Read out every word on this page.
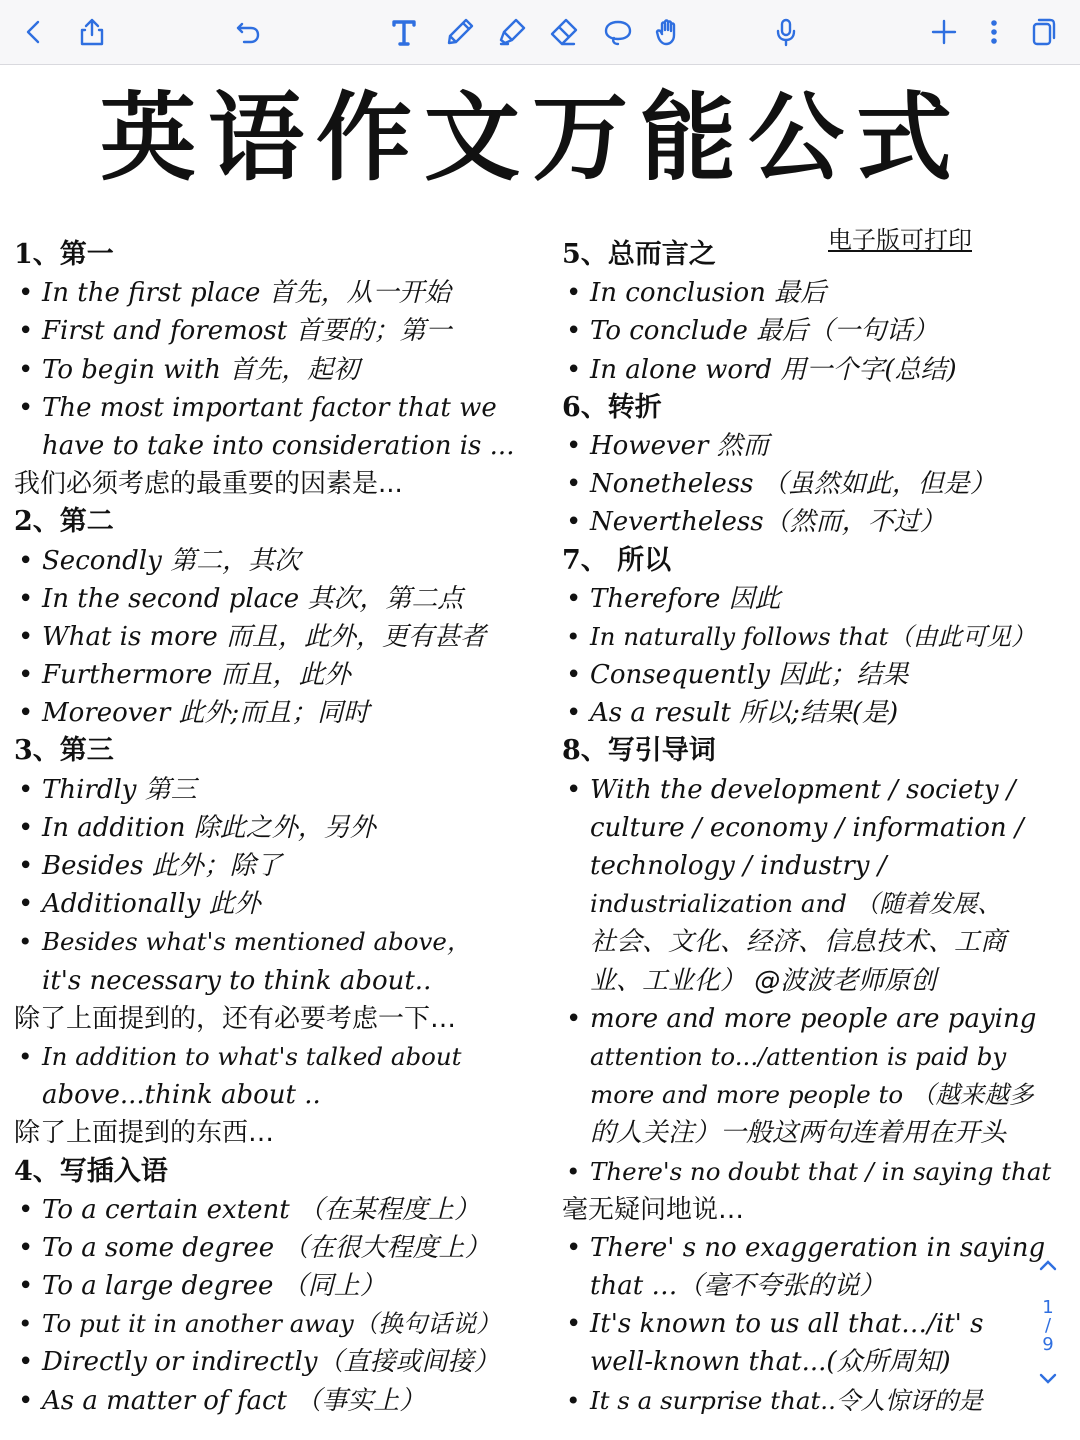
英语作文万能公式
电子版可打印
1、第一
• In the first place 首先，从一开始
• First and foremost 首要的；第一
• To begin with 首先，起初
• The most important factor that we
have to take into consideration is ...
我们必须考虑的最重要的因素是...
2、第二
• Secondly 第二，其次
• In the second place 其次，第二点
• What is more 而且，此外，更有甚者
• Furthermore 而且，此外
• Moreover 此外;而且；同时
3、第三
• Thirdly 第三
• In addition 除此之外，另外
• Besides 此外；除了
• Additionally 此外
• Besides what's mentioned above，
it's necessary to think about..
除了上面提到的，还有必要考虑一下…
• In addition to what's talked about
above...think about ..
除了上面提到的东西…
4、写插入语
• To a certain extent （在某程度上）
• To a some degree （在很大程度上）
• To a large degree （同上）
• To put it in another away（换句话说）
• Directly or indirectly（直接或间接）
• As a matter of fact （事实上）
5、总而言之
• In conclusion 最后
• To conclude 最后（一句话）
• In alone word 用一个字(总结)
6、转折
• However 然而
• Nonetheless （虽然如此，但是）
• Nevertheless（然而，不过）
7、 所以
• Therefore 因此
• In naturally follows that（由此可见）
• Consequently 因此；结果
• As a result 所以;结果(是)
8、写引导词
• With the development / society /
culture / economy / information /
technology / industry /
industrialization and （随着发展、
社会、文化、经济、信息技术、工商
业、工业化） @波波老师原创
• more and more people are paying
attention to.../attention is paid by
more and more people to （越来越多
的人关注）一般这两句连着用在开头
• There's no doubt that / in saying that
毫无疑问地说…
• There' s no exaggeration in saying
that …（毫不夸张的说）
• It's known to us all that…/it' s
well-known that...(众所周知)
• It s a surprise that..令人惊讶的是
1
/
9
